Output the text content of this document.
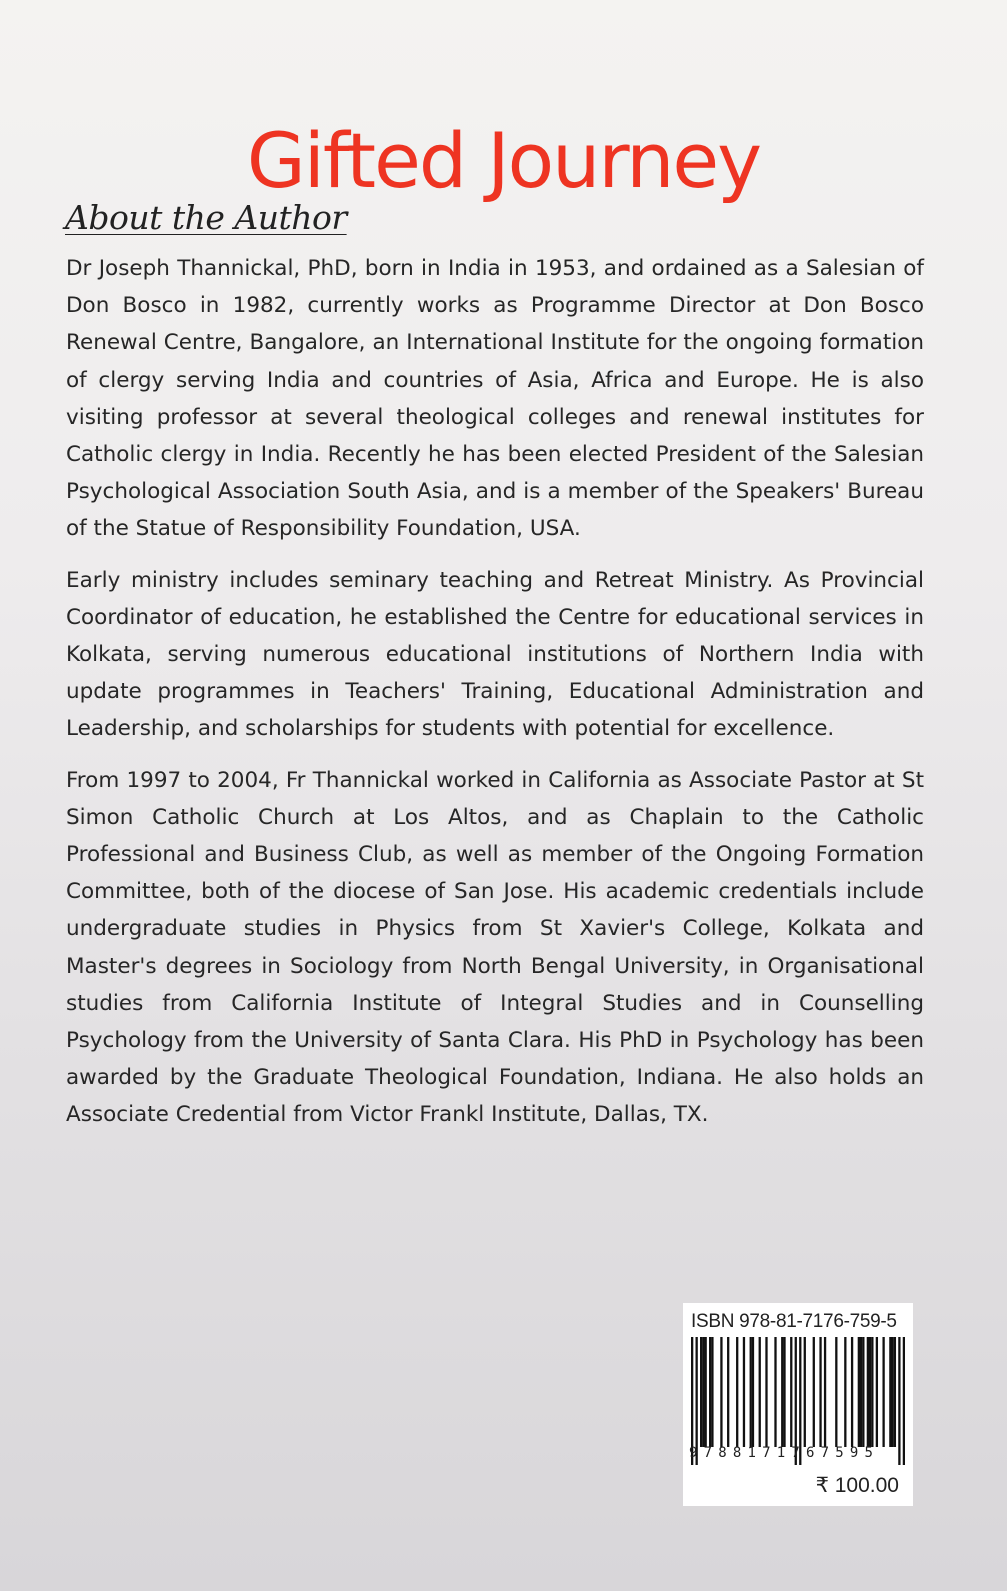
Gifted Journey
About the Author

Dr Joseph Thannickal, PhD, born in India in 1953, and ordained as a Salesian of Don Bosco in 1982, currently works as Programme Director at Don Bosco Renewal Centre, Bangalore, an International Institute for the ongoing formation of clergy serving India and countries of Asia, Africa and Europe. He is also visiting professor at several theological colleges and renewal institutes for Catholic clergy in India. Recently he has been elected President of the Salesian Psychological Association South Asia, and is a member of the Speakers' Bureau of the Statue of Responsibility Foundation, USA.

Early ministry includes seminary teaching and Retreat Ministry. As Provincial Coordinator of education, he established the Centre for educational services in Kolkata, serving numerous educational institutions of Northern India with update programmes in Teachers' Training, Educational Administration and Leadership, and scholarships for students with potential for excellence.

From 1997 to 2004, Fr Thannickal worked in California as Associate Pastor at St Simon Catholic Church at Los Altos, and as Chaplain to the Catholic Professional and Business Club, as well as member of the Ongoing Formation Committee, both of the diocese of San Jose. His academic credentials include undergraduate studies in Physics from St Xavier's College, Kolkata and Master's degrees in Sociology from North Bengal University, in Organisational studies from California Institute of Integral Studies and in Counselling Psychology from the University of Santa Clara. His PhD in Psychology has been awarded by the Graduate Theological Foundation, Indiana. He also holds an Associate Credential from Victor Frankl Institute, Dallas, TX.

ISBN 978-81-7176-759-5
9788171767595
₹ 100.00
